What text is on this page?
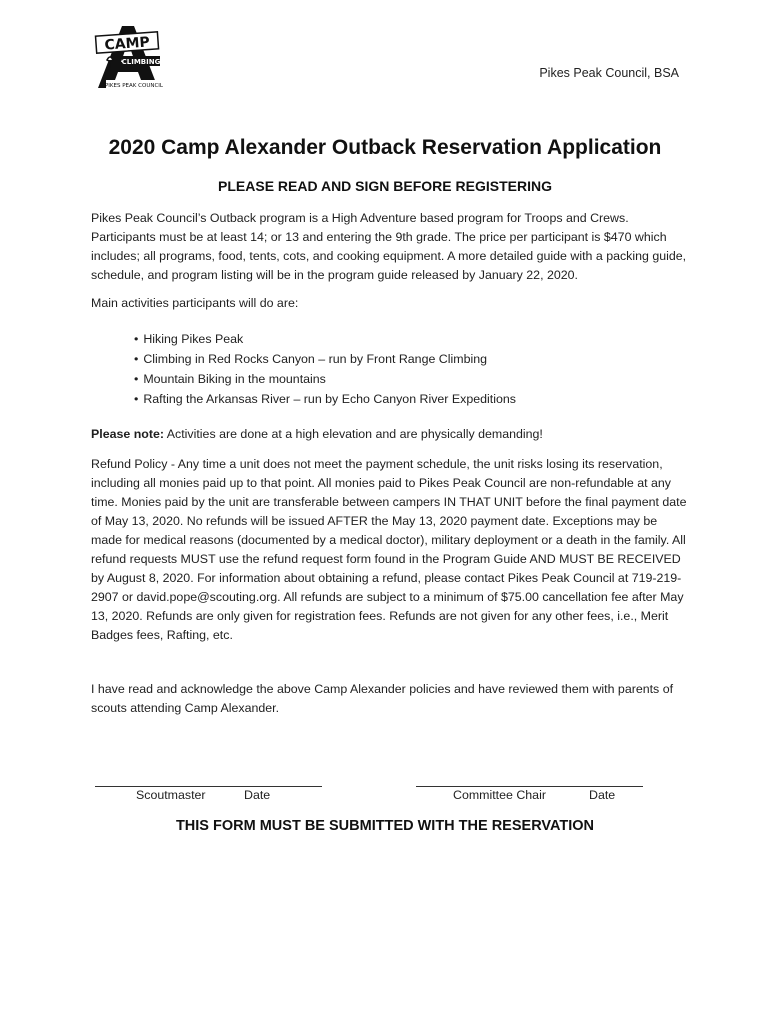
CAMP
CLIMBING
PIKES PEAK COUNCIL
Pikes Peak Council, BSA
2020 Camp Alexander Outback Reservation Application
PLEASE READ AND SIGN BEFORE REGISTERING

Pikes Peak Council’s Outback program is a High Adventure based program for Troops and Crews. Participants must be at least 14; or 13 and entering the 9th grade. The price per participant is $470 which includes; all programs, food, tents, cots, and cooking equipment. A more detailed guide with a packing guide, schedule, and program listing will be in the program guide released by January 22, 2020.

Main activities participants will do are:

• Hiking Pikes Peak
• Climbing in Red Rocks Canyon – run by Front Range Climbing
• Mountain Biking in the mountains
• Rafting the Arkansas River – run by Echo Canyon River Expeditions

Please note: Activities are done at a high elevation and are physically demanding!

Refund Policy - Any time a unit does not meet the payment schedule, the unit risks losing its reservation, including all monies paid up to that point. All monies paid to Pikes Peak Council are non-refundable at any time. Monies paid by the unit are transferable between campers IN THAT UNIT before the final payment date of May 13, 2020. No refunds will be issued AFTER the May 13, 2020 payment date. Exceptions may be made for medical reasons (documented by a medical doctor), military deployment or a death in the family. All refund requests MUST use the refund request form found in the Program Guide AND MUST BE RECEIVED by August 8, 2020. For information about obtaining a refund, please contact Pikes Peak Council at 719-219-2907 or david.pope@scouting.org. All refunds are subject to a minimum of $75.00 cancellation fee after May 13, 2020. Refunds are only given for registration fees. Refunds are not given for any other fees, i.e., Merit Badges fees, Rafting, etc.

I have read and acknowledge the above Camp Alexander policies and have reviewed them with parents of scouts attending Camp Alexander.

Scoutmaster	Date	Committee Chair	Date
THIS FORM MUST BE SUBMITTED WITH THE RESERVATION
